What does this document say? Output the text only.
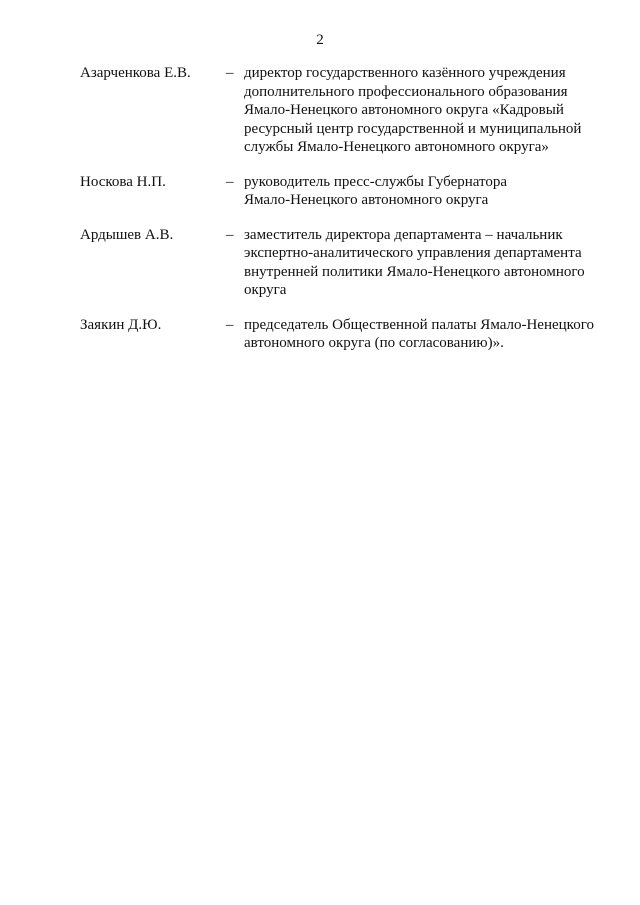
2
Азарченкова Е.В.	– директор государственного казённого учреждения
дополнительного профессионального образования
Ямало-Ненецкого автономного округа «Кадровый
ресурсный центр государственной и муниципальной
службы Ямало-Ненецкого автономного округа»
Носкова Н.П.	– руководитель пресс-службы Губернатора
Ямало-Ненецкого автономного округа
Ардышев А.В.	– заместитель директора департамента – начальник
экспертно-аналитического управления департамента
внутренней политики Ямало-Ненецкого автономного
округа
Заякин Д.Ю.	– председатель Общественной палаты Ямало-Ненецкого
автономного округа (по согласованию)».
